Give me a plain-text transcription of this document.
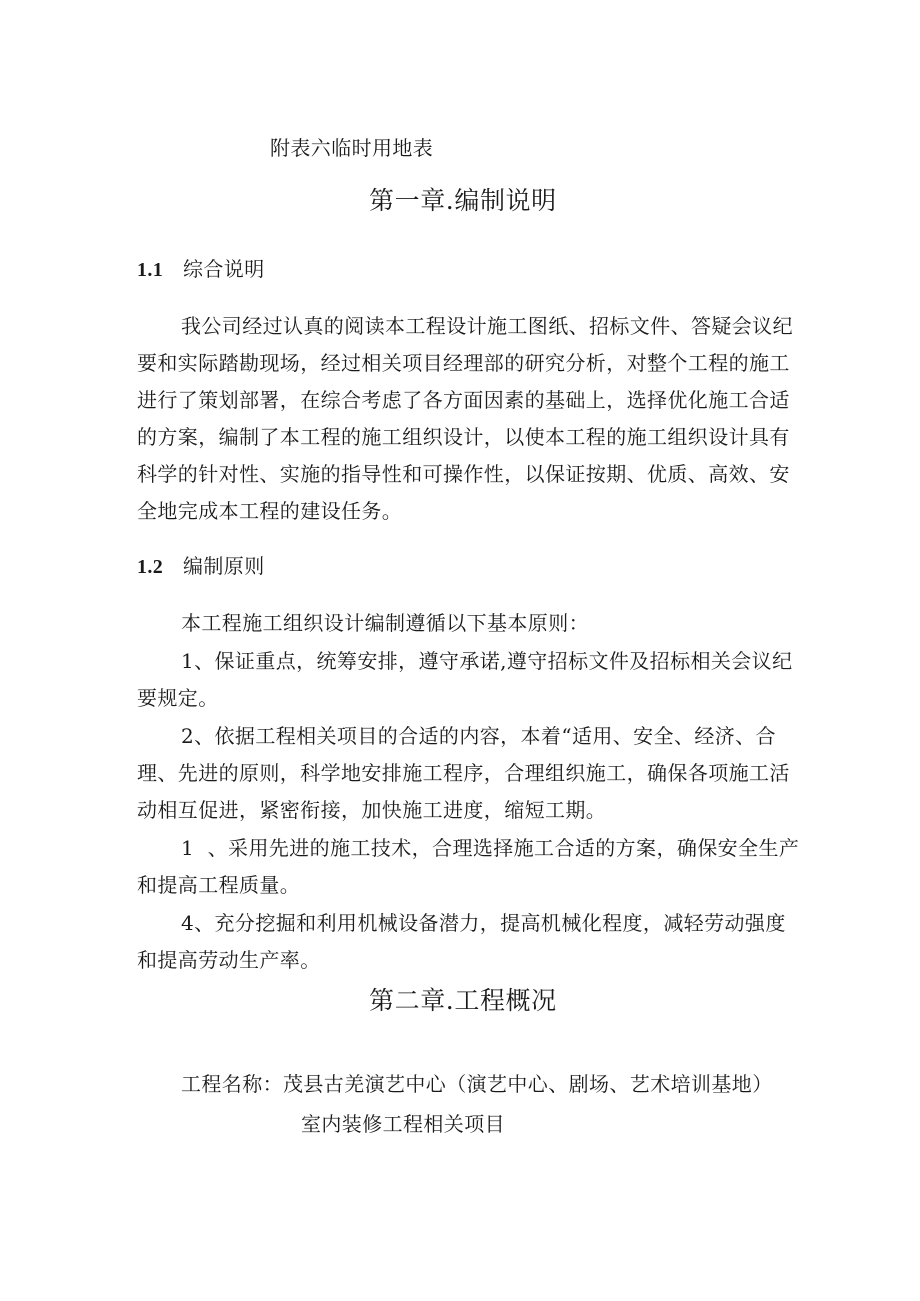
附表六临时用地表
第一章.编制说明
1.1 综合说明
我公司经过认真的阅读本工程设计施工图纸、招标文件、答疑会议纪
要和实际踏勘现场，经过相关项目经理部的研究分析，对整个工程的施工
进行了策划部署，在综合考虑了各方面因素的基础上，选择优化施工合适
的方案，编制了本工程的施工组织设计，以使本工程的施工组织设计具有
科学的针对性、实施的指导性和可操作性，以保证按期、优质、高效、安
全地完成本工程的建设任务。
1.2 编制原则
本工程施工组织设计编制遵循以下基本原则：
1、保证重点，统筹安排，遵守承诺,遵守招标文件及招标相关会议纪
要规定。
2、依据工程相关项目的合适的内容，本着“适用、安全、经济、合
理、先进的原则，科学地安排施工程序，合理组织施工，确保各项施工活
动相互促进，紧密衔接，加快施工进度，缩短工期。
1  、采用先进的施工技术，合理选择施工合适的方案，确保安全生产
和提高工程质量。
4、充分挖掘和利用机械设备潜力，提高机械化程度，减轻劳动强度
和提高劳动生产率。
第二章.工程概况
工程名称：茂县古羌演艺中心（演艺中心、剧场、艺术培训基地）
室内装修工程相关项目
